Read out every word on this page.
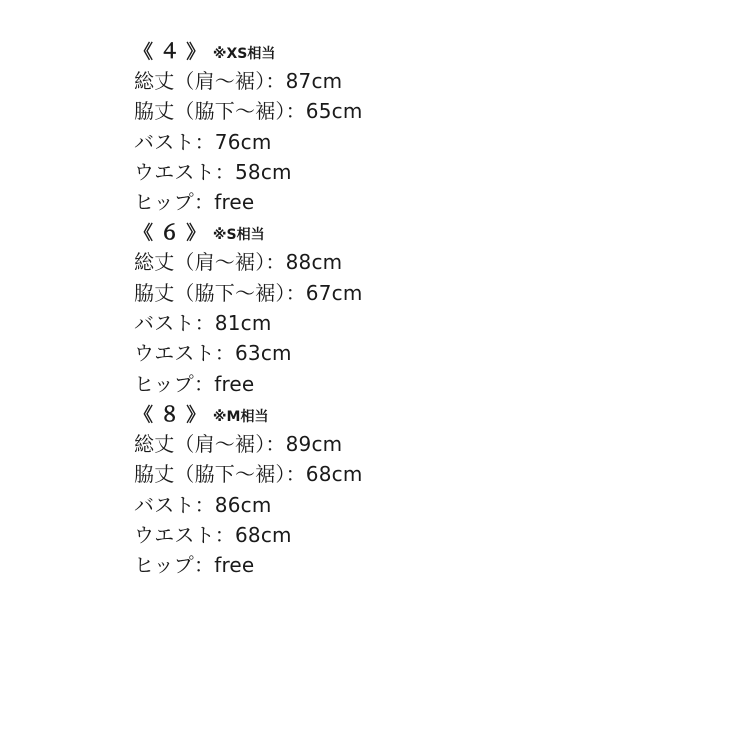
《 ４ 》 ※XS相当
総丈（肩〜裾）：87cm
脇丈（脇下〜裾）：65cm
バスト：76cm
ウエスト：58cm
ヒップ：free
《 ６ 》 ※S相当
総丈（肩〜裾）：88cm
脇丈（脇下〜裾）：67cm
バスト：81cm
ウエスト：63cm
ヒップ：free
《 ８ 》 ※M相当
総丈（肩〜裾）：89cm
脇丈（脇下〜裾）：68cm
バスト：86cm
ウエスト：68cm
ヒップ：free
